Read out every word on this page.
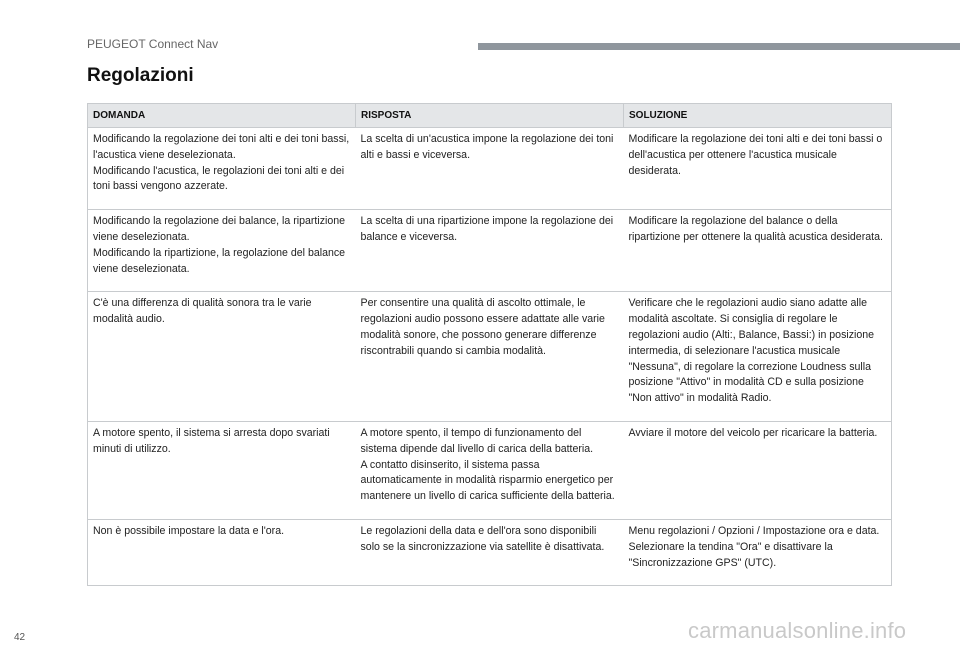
PEUGEOT Connect Nav
Regolazioni
DOMANDA	RISPOSTA	SOLUZIONE

Modificando la regolazione dei toni alti e dei toni bassi, l'acustica viene deselezionata.
Modificando l'acustica, le regolazioni dei toni alti e dei toni bassi vengono azzerate.	La scelta di un'acustica impone la regolazione dei toni alti e bassi e viceversa.	Modificare la regolazione dei toni alti e dei toni bassi o dell'acustica per ottenere l'acustica musicale desiderata.

Modificando la regolazione dei balance, la ripartizione viene deselezionata.
Modificando la ripartizione, la regolazione del balance viene deselezionata.	La scelta di una ripartizione impone la regolazione dei balance e viceversa.	Modificare la regolazione del balance o della ripartizione per ottenere la qualità acustica desiderata.

C'è una differenza di qualità sonora tra le varie modalità audio.	Per consentire una qualità di ascolto ottimale, le regolazioni audio possono essere adattate alle varie modalità sonore, che possono generare differenze riscontrabili quando si cambia modalità.	Verificare che le regolazioni audio siano adatte alle modalità ascoltate. Si consiglia di regolare le regolazioni audio (Alti:, Balance, Bassi:) in posizione intermedia, di selezionare l'acustica musicale "Nessuna", di regolare la correzione Loudness sulla posizione "Attivo" in modalità CD e sulla posizione "Non attivo" in modalità Radio.

A motore spento, il sistema si arresta dopo svariati minuti di utilizzo.	A motore spento, il tempo di funzionamento del sistema dipende dal livello di carica della batteria.
A contatto disinserito, il sistema passa automaticamente in modalità risparmio energetico per mantenere un livello di carica sufficiente della batteria.	Avviare il motore del veicolo per ricaricare la batteria.

Non è possibile impostare la data e l'ora.	Le regolazioni della data e dell'ora sono disponibili solo se la sincronizzazione via satellite è disattivata.	Menu regolazioni / Opzioni / Impostazione ora e data. Selezionare la tendina "Ora" e disattivare la "Sincronizzazione GPS" (UTC).
42	carmanualsonline.info
